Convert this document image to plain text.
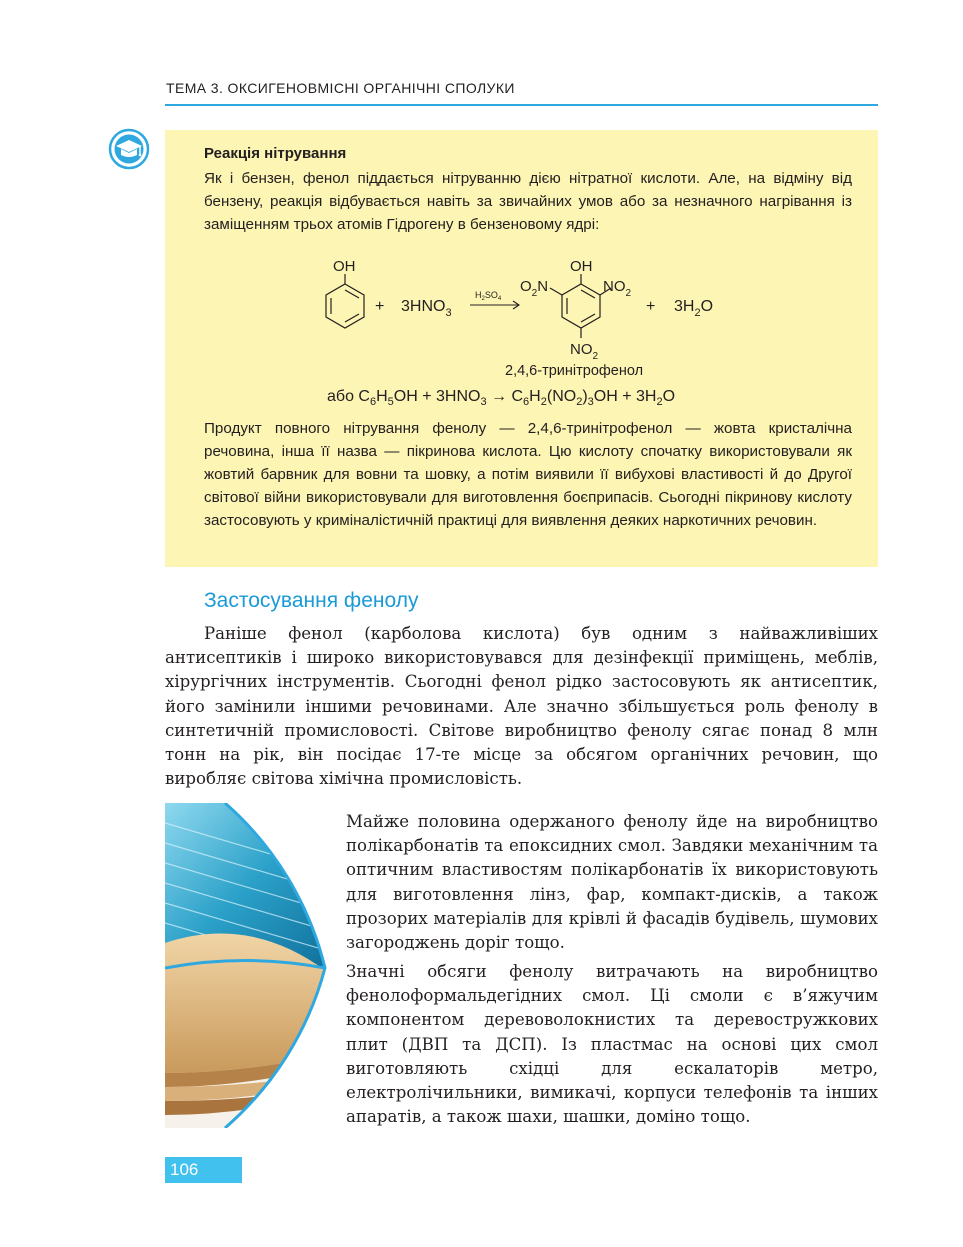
ТЕМА 3. ОКСИГЕНОВМІСНІ ОРГАНІЧНІ СПОЛУКИ
Реакція нітрування

Як і бензен, фенол піддається нітруванню дією нітратної кислоти. Але, на відміну від бензену, реакція відбувається навіть за звичайних умов або за незначного нагрівання із заміщенням трьох атомів Гідрогену в бензеновому ядрі:

OH
+ $3HNO_3$
$H_2SO_4$
OH
$O_2N$	$NO_2$
$NO_2$
+ $3H_2O$
2,4,6-тринітрофенол
або $C_6H_5OH + 3HNO_3 \to C_6H_2(NO_2)_3OH + 3H_2O$

Продукт повного нітрування фенолу — 2,4,6-тринітрофенол — жовта кристалічна речовина, інша її назва — пікринова кислота. Цю кислоту спочатку використовували як жовтий барвник для вовни та шовку, а потім виявили її вибухові властивості й до Другої світової війни використовували для виготовлення боєприпасів. Сьогодні пікринову кислоту застосовують у криміналістичній практиці для виявлення деяких наркотичних речовин.

Застосування фенолу

Раніше фенол (карболова кислота) був одним з найважливіших антисептиків і широко використовувався для дезінфекції приміщень, меблів, хірургічних інструментів. Сьогодні фенол рідко застосовують як антисептик, його замінили іншими речовинами. Але значно збільшується роль фенолу в синтетичній промисловості. Світове виробництво фенолу сягає понад 8 млн тонн на рік, він посідає 17-те місце за обсягом органічних речовин, що виробляє світова хімічна промисловість.

Майже половина одержаного фенолу йде на виробництво полікарбонатів та епоксидних смол. Завдяки механічним та оптичним властивостям полікарбонатів їх використовують для виготовлення лінз, фар, компакт-дисків, а також прозорих матеріалів для крівлі й фасадів будівель, шумових загороджень доріг тощо.

Значні обсяги фенолу витрачають на виробництво фенолоформальдегідних смол. Ці смоли є в’яжучим компонентом деревоволокнистих та деревостружкових плит (ДВП та ДСП). Із пластмас на основі цих смол виготовляють східці для ескалаторів метро, електролічильники, вимикачі, корпуси телефонів та інших апаратів, а також шахи, шашки, доміно тощо.

106
